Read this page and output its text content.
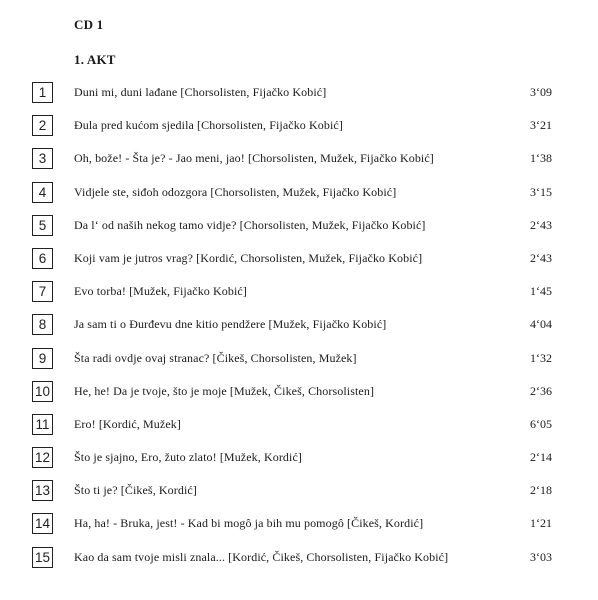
CD 1
1. AKT
1	Duni mi, duni lađane [Chorsolisten, Fijačko Kobić]	3‘09
2	Đula pred kućom sjedila [Chorsolisten, Fijačko Kobić]	3‘21
3	Oh, bože! - Šta je? - Jao meni, jao! [Chorsolisten, Mužek, Fijačko Kobić]	1‘38
4	Vidjele ste, siđoh odozgora [Chorsolisten, Mužek, Fijačko Kobić]	3‘15
5	Da l‘ od naših nekog tamo vidje? [Chorsolisten, Mužek, Fijačko Kobić]	2‘43
6	Koji vam je jutros vrag? [Kordić, Chorsolisten, Mužek, Fijačko Kobić]	2‘43
7	Evo torba! [Mužek, Fijačko Kobić]	1‘45
8	Ja sam ti o Đurđevu dne kitio pendžere [Mužek, Fijačko Kobić]	4‘04
9	Šta radi ovdje ovaj stranac? [Čikeš, Chorsolisten, Mužek]	1‘32
10 He, he! Da je tvoje, što je moje [Mužek, Čikeš, Chorsolisten]	2‘36
11 Ero! [Kordić, Mužek]	6‘05
12 Što je sjajno, Ero, žuto zlato! [Mužek, Kordić]	2‘14
13 Što ti je? [Čikeš, Kordić]	2‘18
14 Ha, ha! - Bruka, jest! - Kad bi mogô ja bih mu pomogô [Čikeš, Kordić]	1‘21
15 Kao da sam tvoje misli znala... [Kordić, Čikeš, Chorsolisten, Fijačko Kobić]	3‘03
